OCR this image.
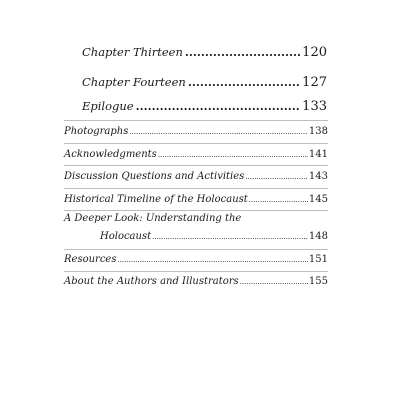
Chapter Thirteen .....	120
Chapter Fourteen .....	127
Epilogue .....	133
Photographs .....	138
Acknowledgments .....	141
Discussion Questions and Activities .....	143
Historical Timeline of the Holocaust .....	145
A Deeper Look: Understanding the
Holocaust .....	148
Resources .....	151
About the Authors and Illustrators .....	155
